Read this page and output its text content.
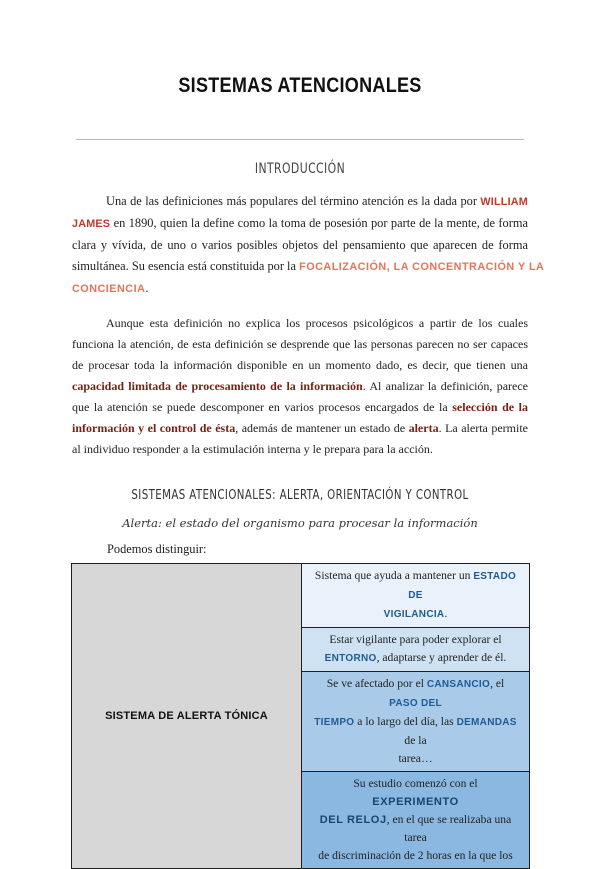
SISTEMAS ATENCIONALES
INTRODUCCIÓN
Una de las definiciones más populares del término atención es la dada por WILLIAM
JAMES en 1890, quien la define como la toma de posesión por parte de la mente, de forma
clara y vívida, de uno o varios posibles objetos del pensamiento que aparecen de forma
simultánea. Su esencia está constituida por la FOCALIZACIÓN, LA CONCENTRACIÓN Y LA
CONCIENCIA.
Aunque esta definición no explica los procesos psicológicos a partir de los cuales
funciona la atención, de esta definición se desprende que las personas parecen no ser capaces
de procesar toda la información disponible en un momento dado, es decir, que tienen una
capacidad limitada de procesamiento de la información. Al analizar la definición, parece
que la atención se puede descomponer en varios procesos encargados de la selección de la
información y el control de ésta, además de mantener un estado de alerta. La alerta permite
al individuo responder a la estimulación interna y le prepara para la acción.
SISTEMAS ATENCIONALES: ALERTA, ORIENTACIÓN Y CONTROL
Alerta: el estado del organismo para procesar la información
Podemos distinguir:
SISTEMA DE ALERTA TÓNICA	
Sistema que ayuda a mantener un ESTADO DE
VIGILANCIA.

Estar vigilante para poder explorar el
ENTORNO, adaptarse y aprender de él.

Se ve afectado por el CANSANCIO, el PASO DEL
TIEMPO a lo largo del día, las DEMANDAS de la
tarea…

Su estudio comenzó con el EXPERIMENTO
DEL RELOJ, en el que se realizaba una tarea
de discriminación de 2 horas en la que los
